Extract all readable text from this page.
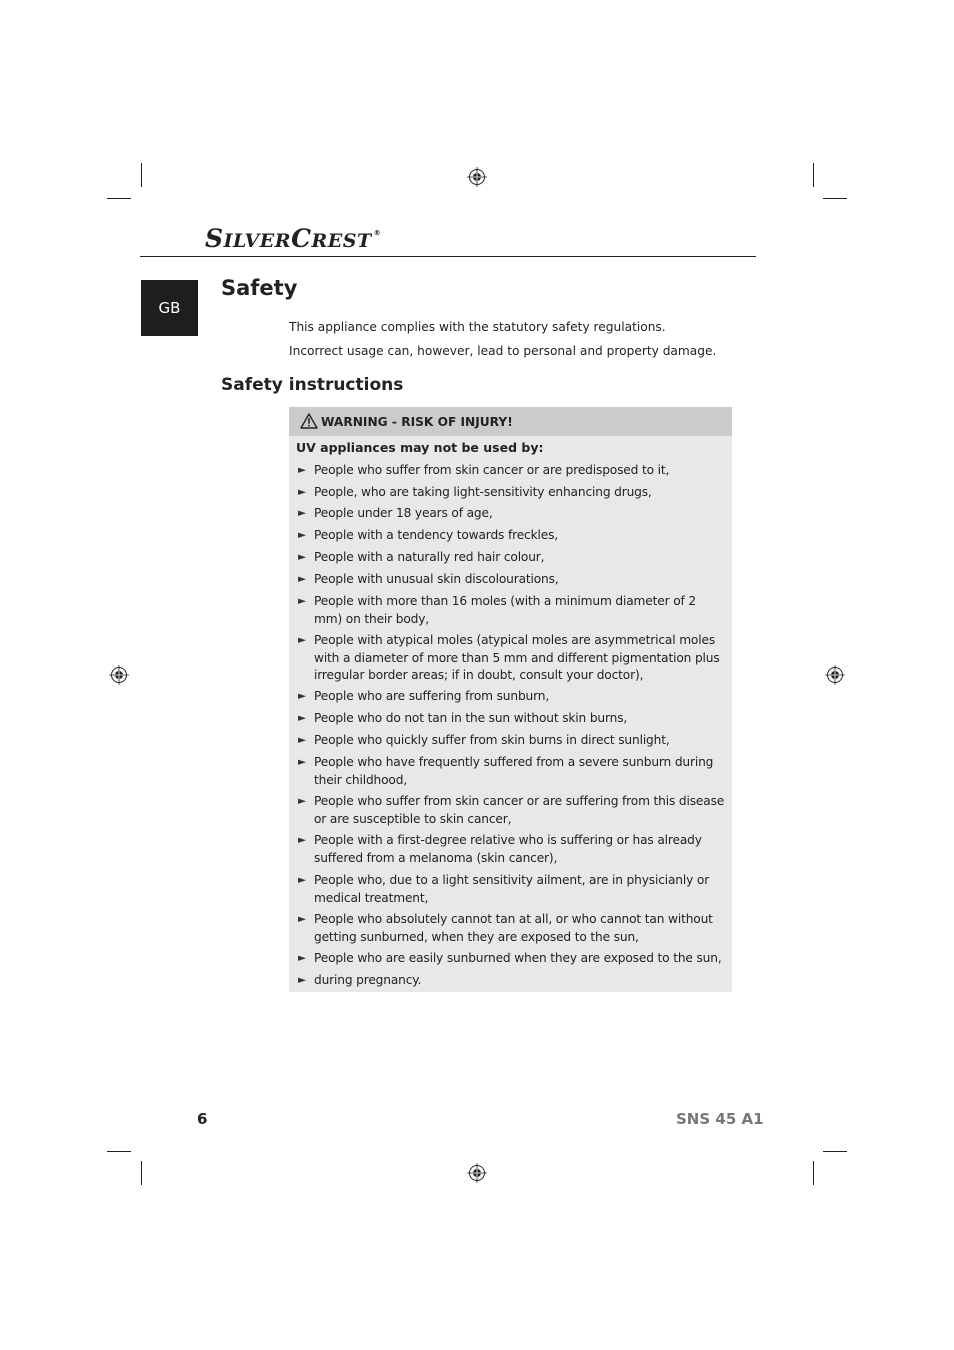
SILVERCREST ®
GB
Safety
This appliance complies with the statutory safety regulations.
Incorrect usage can, however, lead to personal and property damage.
Safety instructions
WARNING - RISK OF INJURY!
UV appliances may not be used by:
► People who suffer from skin cancer or are predisposed to it,
► People, who are taking light-sensitivity enhancing drugs,
► People under 18 years of age,
► People with a tendency towards freckles,
► People with a naturally red hair colour,
► People with unusual skin discolourations,
► People with more than 16 moles (with a minimum diameter of 2 mm) on their body,
► People with atypical moles (atypical moles are asymmetrical moles with a diameter of more than 5 mm and different pigmentation plus irregular border areas; if in doubt, consult your doctor),
► People who are suffering from sunburn,
► People who do not tan in the sun without skin burns,
► People who quickly suffer from skin burns in direct sunlight,
► People who have frequently suffered from a severe sunburn during their childhood,
► People who suffer from skin cancer or are suffering from this disease or are susceptible to skin cancer,
► People with a first-degree relative who is suffering or has already suffered from a melanoma (skin cancer),
► People who, due to a light sensitivity ailment, are in physicianly or medical treatment,
► People who absolutely cannot tan at all, or who cannot tan without getting sunburned, when they are exposed to the sun,
► People who are easily sunburned when they are exposed to the sun,
► during pregnancy.
6	SNS 45 A1
